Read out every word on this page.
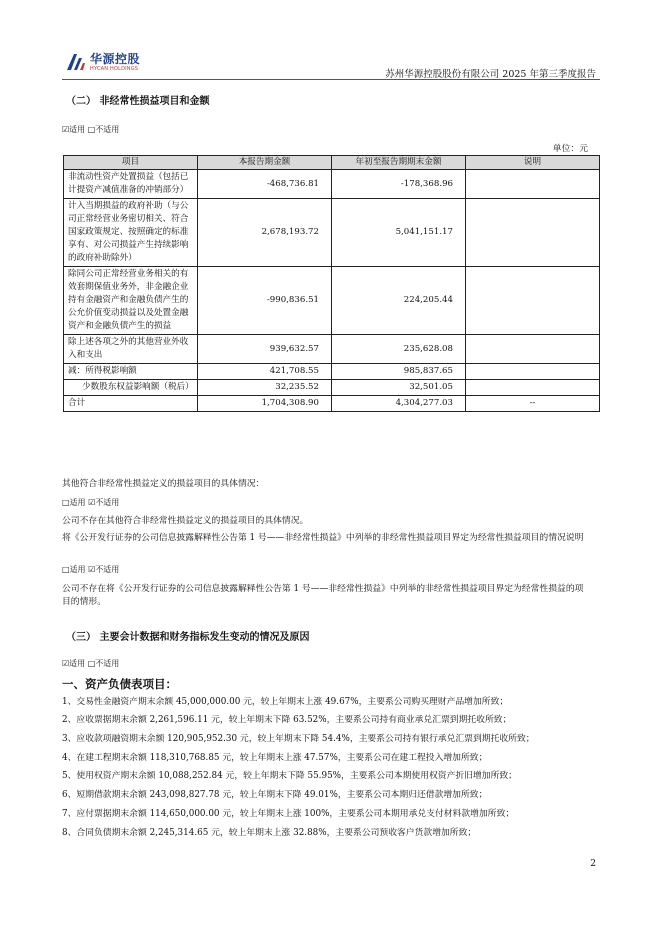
华源控股
HYCAN HOLDINGS
苏州华源控股股份有限公司 2025 年第三季度报告
（二） 非经常性损益项目和金额
☑适用 □不适用
单位：元
项目	本报告期金额	年初至报告期期末金额	说明
非流动性资产处置损益（包括已计提资产减值准备的冲销部分）	-468,736.81	-178,368.96	
计入当期损益的政府补助（与公司正常经营业务密切相关、符合国家政策规定、按照确定的标准享有、对公司损益产生持续影响的政府补助除外）	2,678,193.72	5,041,151.17	
除同公司正常经营业务相关的有效套期保值业务外，非金融企业持有金融资产和金融负债产生的公允价值变动损益以及处置金融资产和金融负债产生的损益	-990,836.51	224,205.44	
除上述各项之外的其他营业外收入和支出	939,632.57	235,628.08	
减：所得税影响额	421,708.55	985,837.65	
少数股东权益影响额（税后）	32,235.52	32,501.05	
合计	1,704,308.90	4,304,277.03	--
其他符合非经常性损益定义的损益项目的具体情况：
□适用 ☑不适用
公司不存在其他符合非经常性损益定义的损益项目的具体情况。
将《公开发行证券的公司信息披露解释性公告第 1 号——非经常性损益》中列举的非经常性损益项目界定为经常性损益项目的情况说明
□适用 ☑不适用
公司不存在将《公开发行证券的公司信息披露解释性公告第 1 号——非经常性损益》中列举的非经常性损益项目界定为经常性损益的项目的情形。
（三） 主要会计数据和财务指标发生变动的情况及原因
☑适用 □不适用
一、资产负债表项目：
1、交易性金融资产期末余额 45,000,000.00 元，较上年期末上涨 49.67%，主要系公司购买理财产品增加所致；
2、应收票据期末余额 2,261,596.11 元，较上年期末下降 63.52%，主要系公司持有商业承兑汇票到期托收所致；
3、应收款项融资期末余额 120,905,952.30 元，较上年期末下降 54.4%，主要系公司持有银行承兑汇票到期托收所致；
4、在建工程期末余额 118,310,768.85 元，较上年期末上涨 47.57%，主要系公司在建工程投入增加所致；
5、使用权资产期末余额 10,088,252.84 元，较上年期末下降 55.95%，主要系公司本期使用权资产折旧增加所致；
6、短期借款期末余额 243,098,827.78 元，较上年期末下降 49.01%，主要系公司本期归还借款增加所致；
7、应付票据期末余额 114,650,000.00 元，较上年期末上涨 100%，主要系公司本期用承兑支付材料款增加所致；
8、合同负债期末余额 2,245,314.65 元，较上年期末上涨 32.88%，主要系公司预收客户货款增加所致；
2
